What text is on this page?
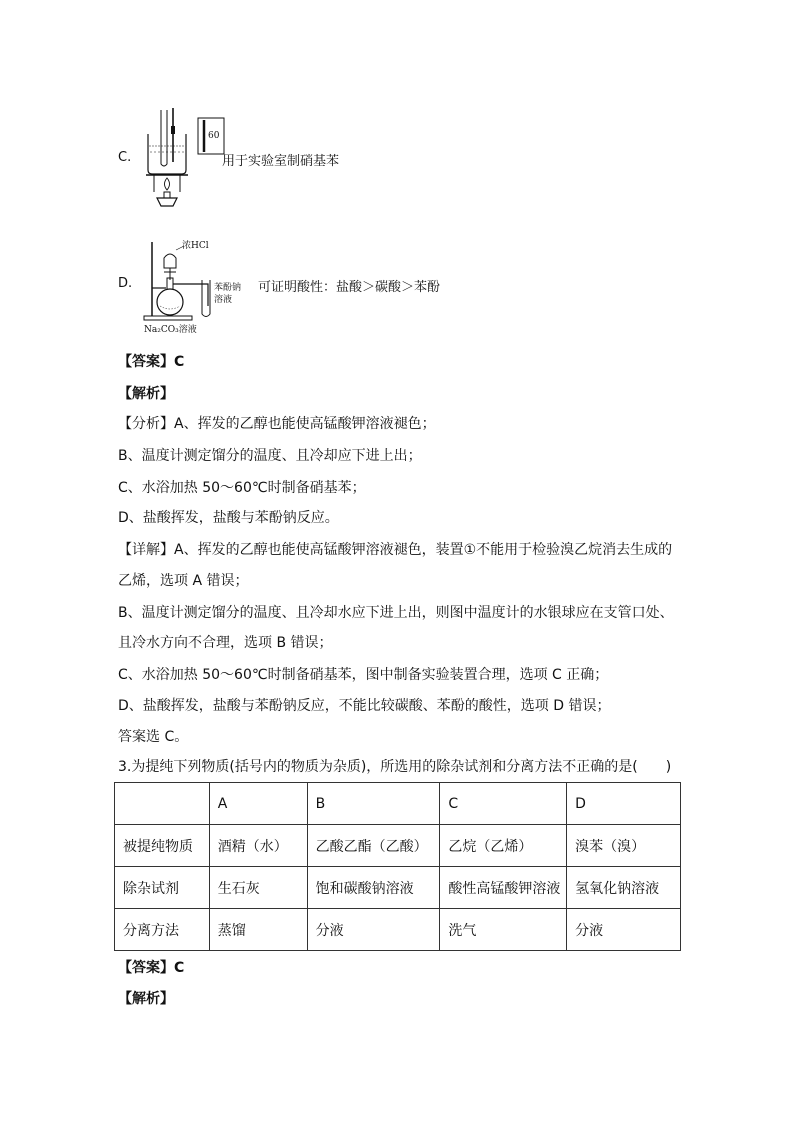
C.
60
用于实验室制硝基苯
D.
浓HCl
苯酚钠
溶液
Na₂CO₃溶液
可证明酸性：盐酸＞碳酸＞苯酚
【答案】C
【解析】
【分析】A、挥发的乙醇也能使高锰酸钾溶液褪色；
B、温度计测定馏分的温度、且冷却应下进上出；
C、水浴加热 50～60℃时制备硝基苯；
D、盐酸挥发，盐酸与苯酚钠反应。
【详解】A、挥发的乙醇也能使高锰酸钾溶液褪色，装置①不能用于检验溴乙烷消去生成的
乙烯，选项 A 错误；
B、温度计测定馏分的温度、且冷却水应下进上出，则图中温度计的水银球应在支管口处、
且冷水方向不合理，选项 B 错误；
C、水浴加热 50～60℃时制备硝基苯，图中制备实验装置合理，选项 C 正确；
D、盐酸挥发，盐酸与苯酚钠反应，不能比较碳酸、苯酚的酸性，选项 D 错误；
答案选 C。
3.为提纯下列物质(括号内的物质为杂质)，所选用的除杂试剂和分离方法不正确的是(　　)
	A	B	C	D
被提纯物质	酒精（水）	乙酸乙酯（乙酸）	乙烷（乙烯）	溴苯（溴）
除杂试剂	生石灰	饱和碳酸钠溶液	酸性高锰酸钾溶液	氢氧化钠溶液
分离方法	蒸馏	分液	洗气	分液
【答案】C
【解析】
